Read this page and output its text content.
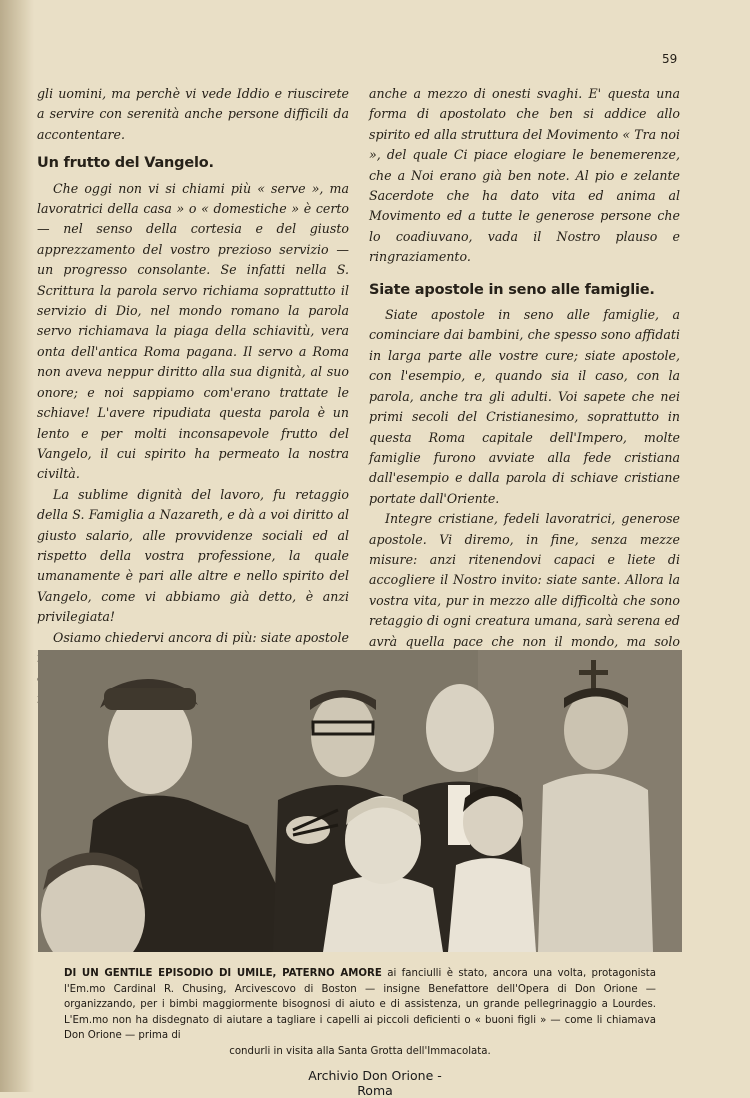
59

gli uomini, ma perchè vi vede Iddio e riuscirete a servire con serenità anche persone difficili da accontentare.

Un frutto del Vangelo.

Che oggi non vi si chiami più « serve », ma lavoratrici della casa » o « domestiche » è certo — nel senso della cortesia e del giusto apprezzamento del vostro prezioso servizio — un progresso consolante. Se infatti nella S. Scrittura la parola servo richiama soprattutto il servizio di Dio, nel mondo romano la parola servo richiamava la piaga della schiavitù, vera onta dell'antica Roma pagana. Il servo a Roma non aveva neppur diritto alla sua dignità, al suo onore; e noi sappiamo com'erano trattate le schiave! L'avere ripudiata questa parola è un lento e per molti inconsapevole frutto del Vangelo, il cui spirito ha permeato la nostra civiltà.

La sublime dignità del lavoro, fu retaggio della S. Famiglia a Nazareth, e dà a voi diritto al giusto salario, alle provvidenze sociali ed al rispetto della vostra professione, la quale umanamente è pari alle altre e nello spirito del Vangelo, come vi abbiamo già detto, è anzi privilegiata!

Osiamo chiedervi ancora di più: siate apostole

anche a mezzo di onesti svaghi. E' questa una forma di apostolato che ben si addice allo spirito ed alla struttura del Movimento « Tra noi », del quale Ci piace elogiare le benemerenze, che a Noi erano già ben note. Al pio e zelante Sacerdote che ha dato vita ed anima al Movimento ed a tutte le generose persone che lo coadiuvano, vada il Nostro plauso e ringraziamento.

Siate apostole in seno alle famiglie.

Siate apostole in seno alle famiglie, a cominciare dai bambini, che spesso sono affidati in larga parte alle vostre cure; siate apostole, con l'esempio, e, quando sia il caso, con la parola, anche tra gli adulti. Voi sapete che nei primi secoli del Cristianesimo, soprattutto in questa Roma capitale dell'Impero, molte famiglie furono avviate alla fede cristiana dall'esempio e dalla parola di schiave cristiane portate dall'Oriente.

Integre cristiane, fedeli lavoratrici, generose apostole. Vi diremo, in fine, senza mezze misure: anzi ritenendovi capaci e liete di accogliere il Nostro invito: siate sante. Allora la vostra vita, pur in mezzo alle difficoltà che sono retaggio di ogni creatura umana, sarà serena ed avrà quella pace che non il mondo, ma solo

DI UN GENTILE EPISODIO DI UMILE, PATERNO AMORE ai fanciulli è stato, ancora una volta, protagonista l'Em.mo Cardinal R. Chusing, Arcivescovo di Boston — insigne Benefattore dell'Opera di Don Orione — organizzando, per i bimbi maggiormente bisognosi di aiuto e di assistenza, un grande pellegrinaggio a Lourdes. L'Em.mo non ha disdegnato di aiutare a tagliare i capelli ai piccoli deficienti o « buoni figli » — come li chiamava Don Orione — prima di
condurli in visita alla Santa Grotta dell'Immacolata.
Archivio Don Orione - Roma
